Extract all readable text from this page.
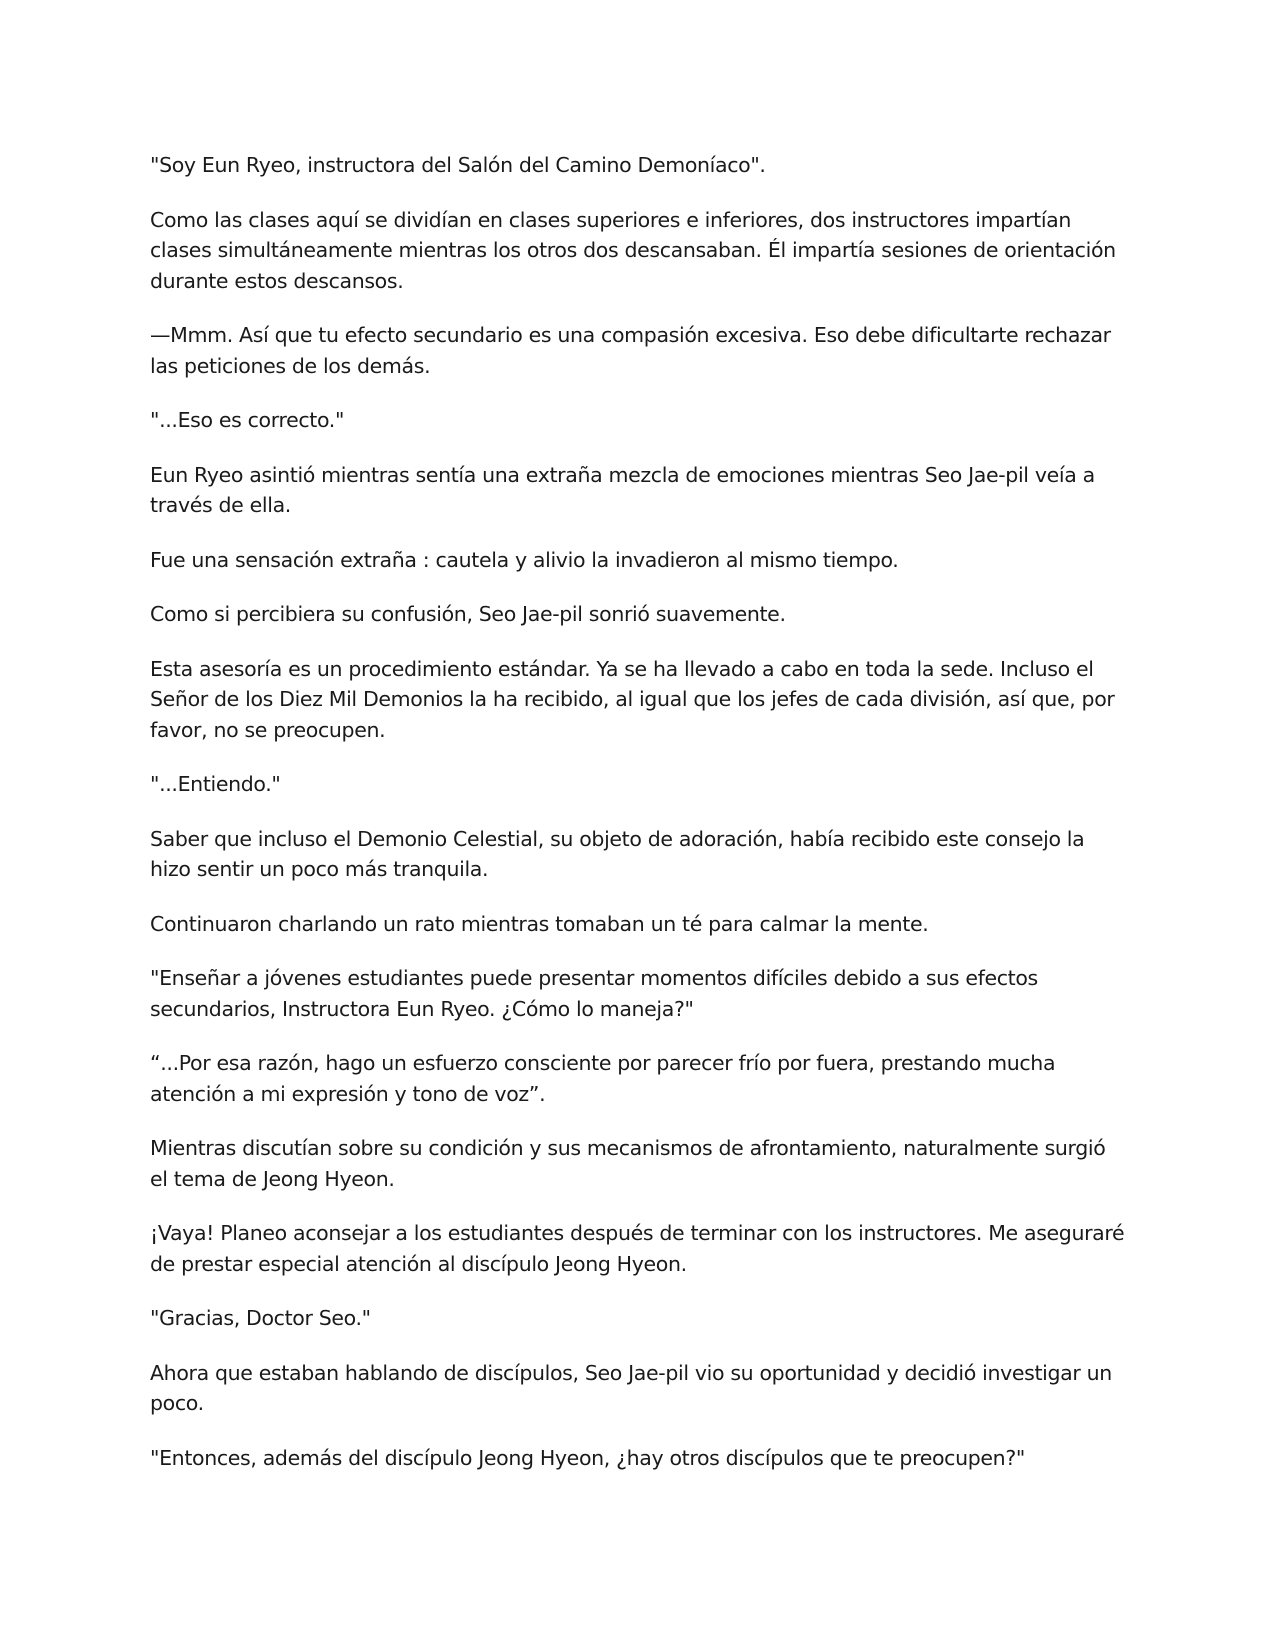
"Soy Eun Ryeo, instructora del Salón del Camino Demoníaco".

Como las clases aquí se dividían en clases superiores e inferiores, dos instructores impartían clases simultáneamente mientras los otros dos descansaban. Él impartía sesiones de orientación durante estos descansos.

—Mmm. Así que tu efecto secundario es una compasión excesiva. Eso debe dificultarte rechazar las peticiones de los demás.

"...Eso es correcto."

Eun Ryeo asintió mientras sentía una extraña mezcla de emociones mientras Seo Jae-pil veía a través de ella.

Fue una sensación extraña : cautela y alivio la invadieron al mismo tiempo.

Como si percibiera su confusión, Seo Jae-pil sonrió suavemente.

Esta asesoría es un procedimiento estándar. Ya se ha llevado a cabo en toda la sede. Incluso el Señor de los Diez Mil Demonios la ha recibido, al igual que los jefes de cada división, así que, por favor, no se preocupen.

"...Entiendo."

Saber que incluso el Demonio Celestial, su objeto de adoración, había recibido este consejo la hizo sentir un poco más tranquila.

Continuaron charlando un rato mientras tomaban un té para calmar la mente.

"Enseñar a jóvenes estudiantes puede presentar momentos difíciles debido a sus efectos secundarios, Instructora Eun Ryeo. ¿Cómo lo maneja?"

“...Por esa razón, hago un esfuerzo consciente por parecer frío por fuera, prestando mucha atención a mi expresión y tono de voz”.

Mientras discutían sobre su condición y sus mecanismos de afrontamiento, naturalmente surgió el tema de Jeong Hyeon.

¡Vaya! Planeo aconsejar a los estudiantes después de terminar con los instructores. Me aseguraré de prestar especial atención al discípulo Jeong Hyeon.

"Gracias, Doctor Seo."

Ahora que estaban hablando de discípulos, Seo Jae-pil vio su oportunidad y decidió investigar un poco.

"Entonces, además del discípulo Jeong Hyeon, ¿hay otros discípulos que te preocupen?"
